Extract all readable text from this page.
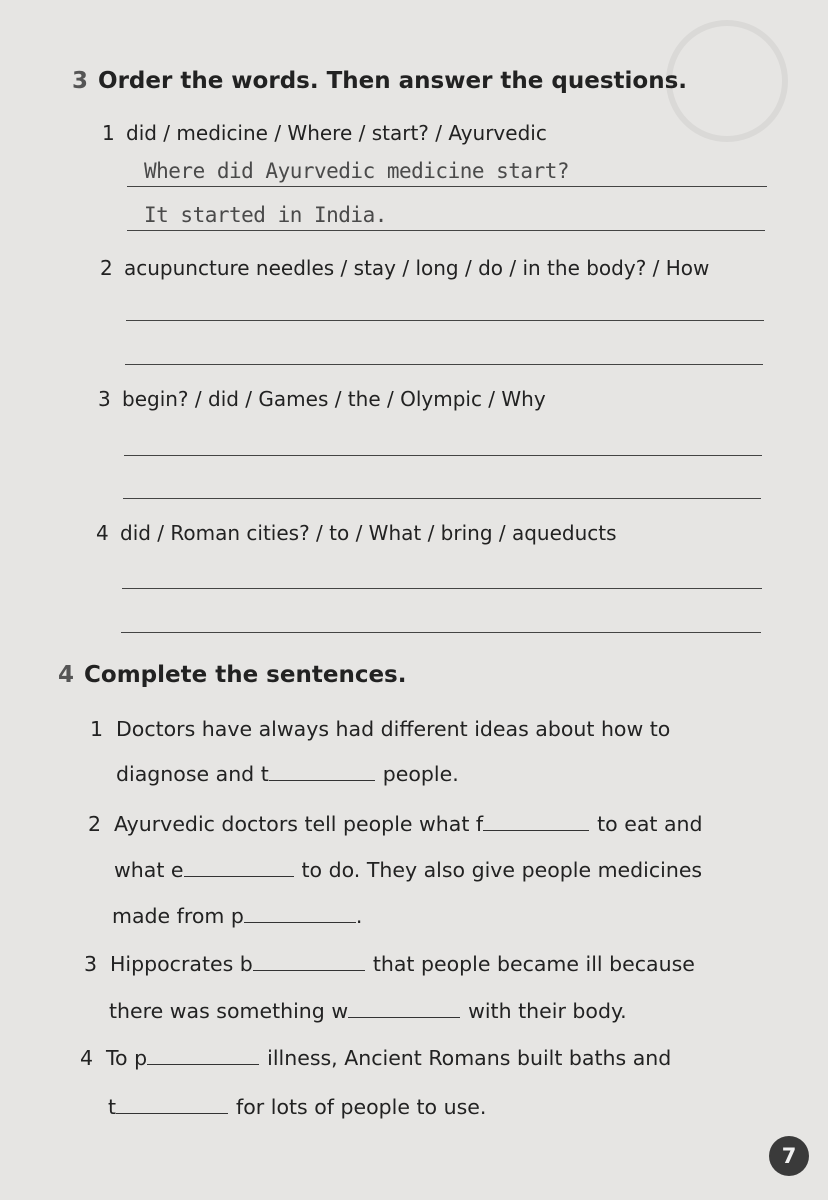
3 Order the words. Then answer the questions.
1 did / medicine / Where / start? / Ayurvedic
Where did Ayurvedic medicine start?
It started in India.
2 acupuncture needles / stay / long / do / in the body? / How
3 begin? / did / Games / the / Olympic / Why
4 did / Roman cities? / to / What / bring / aqueducts
4 Complete the sentences.
1 Doctors have always had different ideas about how to
diagnose and t	people.
2 Ayurvedic doctors tell people what f	to eat and
what e	to do. They also give people medicines
made from p	.
3 Hippocrates b	that people became ill because
there was something w	with their body.
4 To p	illness, Ancient Romans built baths and
t	for lots of people to use.
7
